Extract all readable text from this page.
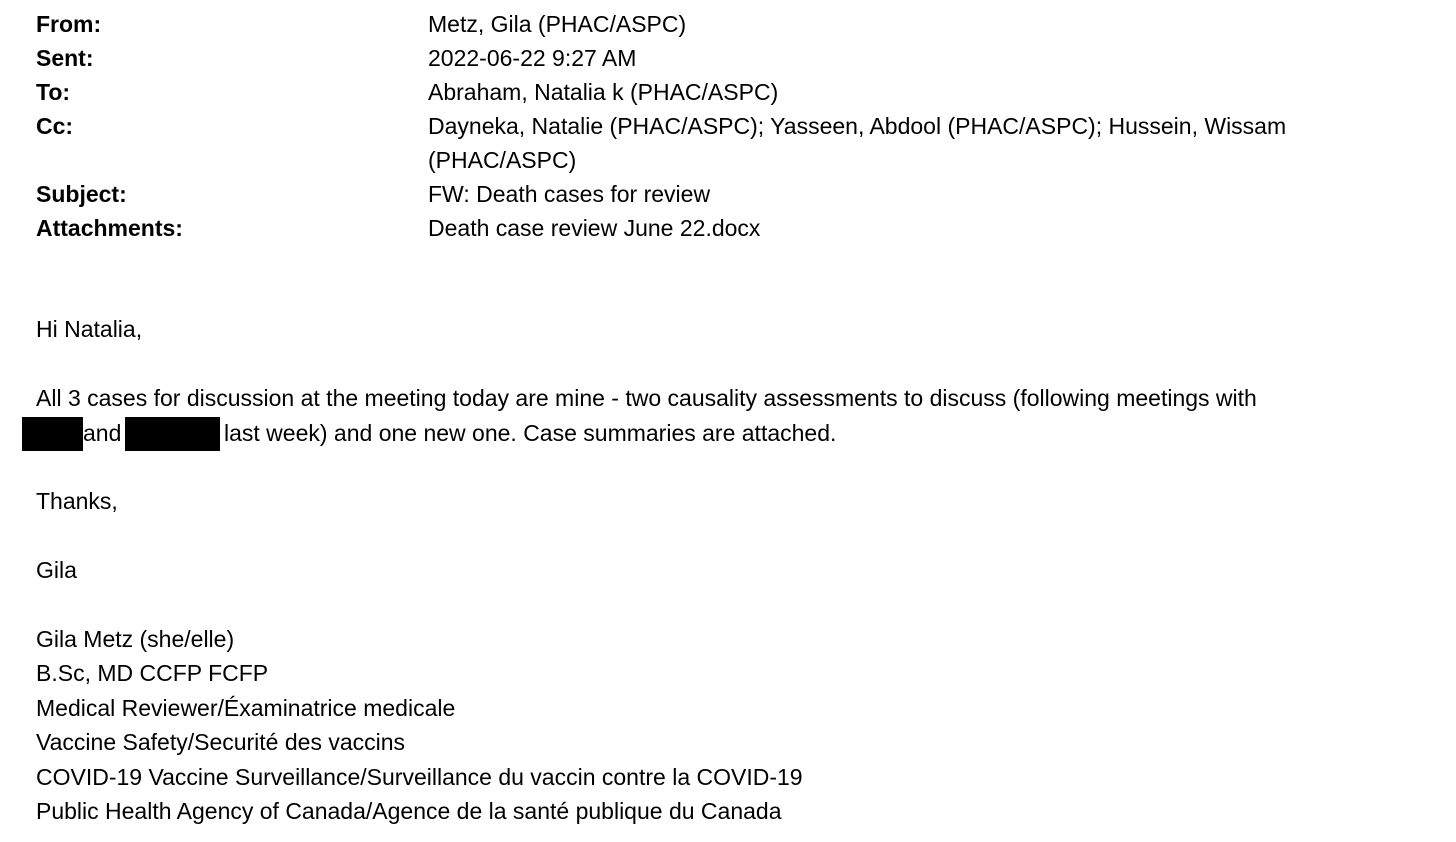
From:	Metz, Gila (PHAC/ASPC)
Sent:	2022-06-22 9:27 AM
To:	Abraham, Natalia k (PHAC/ASPC)
Cc:	Dayneka, Natalie (PHAC/ASPC); Yasseen, Abdool (PHAC/ASPC); Hussein, Wissam
(PHAC/ASPC)
Subject:	FW: Death cases for review
Attachments:	Death case review June 22.docx
Hi Natalia,
All 3 cases for discussion at the meeting today are mine - two causality assessments to discuss (following meetings with
and	last week) and one new one. Case summaries are attached.
Thanks,
Gila
Gila Metz (she/elle)
B.Sc, MD CCFP FCFP
Medical Reviewer/Éxaminatrice medicale
Vaccine Safety/Securité des vaccins
COVID-19 Vaccine Surveillance/Surveillance du vaccin contre la COVID-19
Public Health Agency of Canada/Agence de la santé publique du Canada
